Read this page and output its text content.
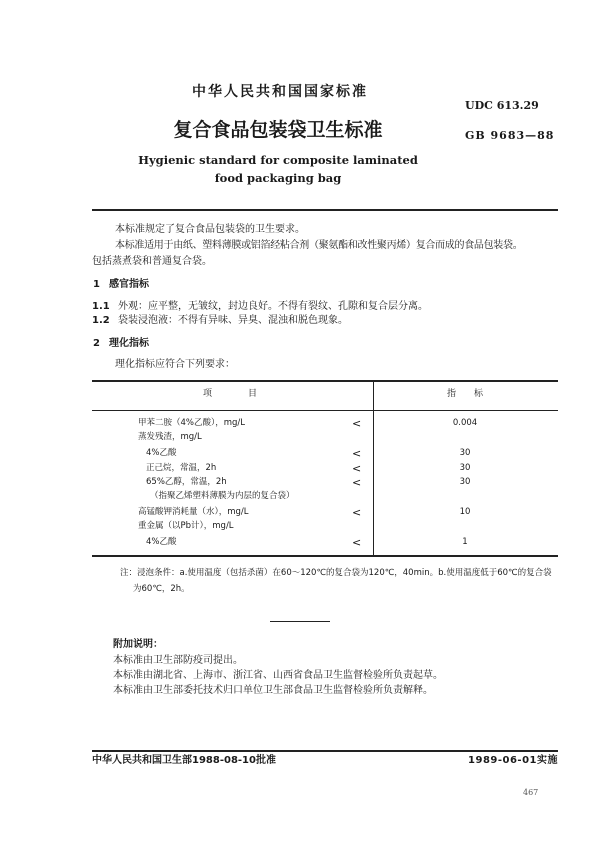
中华人民共和国国家标准
UDC 613.29
复合食品包装袋卫生标准	GB 9683—88
Hygienic standard for composite laminated
food packaging bag
本标准规定了复合食品包装袋的卫生要求。
本标准适用于由纸、塑料薄膜或铝箔经粘合剂（聚氨酯和改性聚丙烯）复合而成的食品包装袋。
包括蒸煮袋和普通复合袋。
1 感官指标
1.1 外观：应平整，无皱纹，封边良好。不得有裂纹、孔隙和复合层分离。
1.2 袋装浸泡液：不得有异味、异臭、混浊和脱色现象。
2 理化指标
理化指标应符合下列要求：
项　　　　目	指　　标
甲苯二胺（4%乙酸），mg/L	<	0.004
蒸发残渣，mg/L
4%乙酸	<	30
正己烷，常温，2h	<	30
65%乙醇，常温，2h	<	30
（指聚乙烯塑料薄膜为内层的复合袋）
高锰酸钾消耗量（水），mg/L	<	10
重金属（以Pb计），mg/L
4%乙酸	<	1
注：浸泡条件：a.使用温度（包括杀菌）在60～120℃的复合袋为120℃，40min。b.使用温度低于60℃的复合袋
为60℃，2h。
附加说明：
本标准由卫生部防疫司提出。
本标准由湖北省、上海市、浙江省、山西省食品卫生监督检验所负责起草。
本标准由卫生部委托技术归口单位卫生部食品卫生监督检验所负责解释。
中华人民共和国卫生部1988-08-10批准	1989-06-01实施
467
